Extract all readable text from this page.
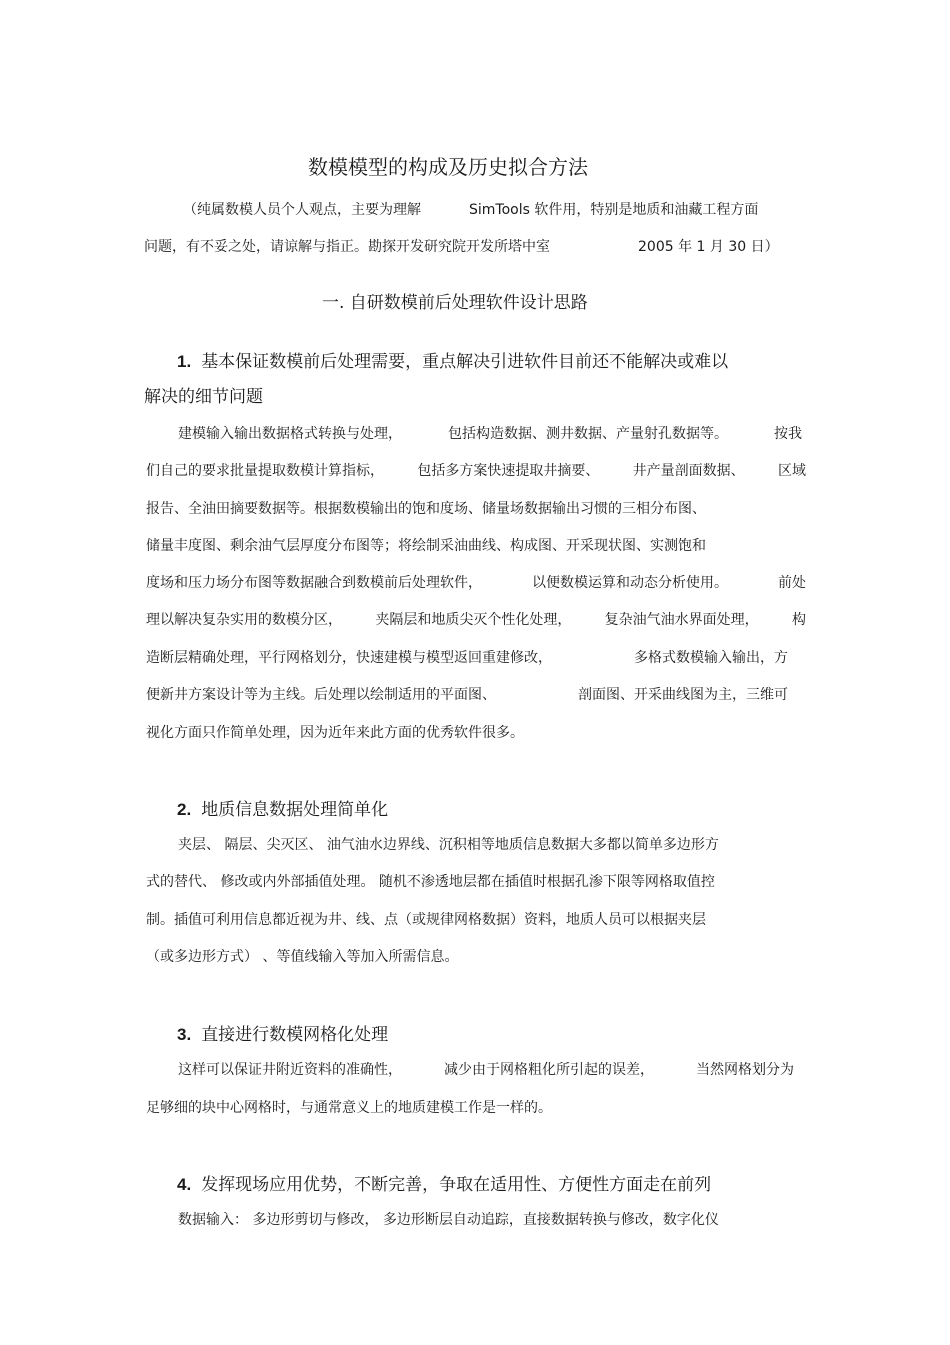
数模模型的构成及历史拟合方法
（纯属数模人员个人观点，主要为理解	SimTools 软件用，特别是地质和油藏工程方面
问题，有不妥之处，请谅解与指正。勘探开发研究院开发所塔中室	2005 年 1 月 30 日）
一. 自研数模前后处理软件设计思路
1. 基本保证数模前后处理需要，重点解决引进软件目前还不能解决或难以
解决的细节问题
建模输入输出数据格式转换与处理，	包括构造数据、测井数据、产量射孔数据等。	按我
们自己的要求批量提取数模计算指标， 包括多方案快速提取井摘要、 井产量剖面数据、 区域
报告、全油田摘要数据等。根据数模输出的饱和度场、储量场数据输出习惯的三相分布图、
储量丰度图、剩余油气层厚度分布图等；将绘制采油曲线、构成图、开采现状图、实测饱和
度场和压力场分布图等数据融合到数模前后处理软件，	以便数模运算和动态分析使用。	前处
理以解决复杂实用的数模分区， 夹隔层和地质尖灭个性化处理， 复杂油气油水界面处理， 构
造断层精确处理，平行网格划分，快速建模与模型返回重建修改，	多格式数模输入输出，方
便新井方案设计等为主线。后处理以绘制适用的平面图、	剖面图、开采曲线图为主，三维可
视化方面只作简单处理，因为近年来此方面的优秀软件很多。
2. 地质信息数据处理简单化
夹层、 隔层、尖灭区、 油气油水边界线、沉积相等地质信息数据大多都以简单多边形方
式的替代、 修改或内外部插值处理。 随机不渗透地层都在插值时根据孔渗下限等网格取值控
制。插值可利用信息都近视为井、线、点（或规律网格数据）资料，地质人员可以根据夹层
（或多边形方式） 、等值线输入等加入所需信息。
3. 直接进行数模网格化处理
这样可以保证井附近资料的准确性，	减少由于网格粗化所引起的误差，	当然网格划分为
足够细的块中心网格时，与通常意义上的地质建模工作是一样的。
4. 发挥现场应用优势，不断完善，争取在适用性、方便性方面走在前列
数据输入： 多边形剪切与修改， 多边形断层自动追踪，直接数据转换与修改，数字化仪
